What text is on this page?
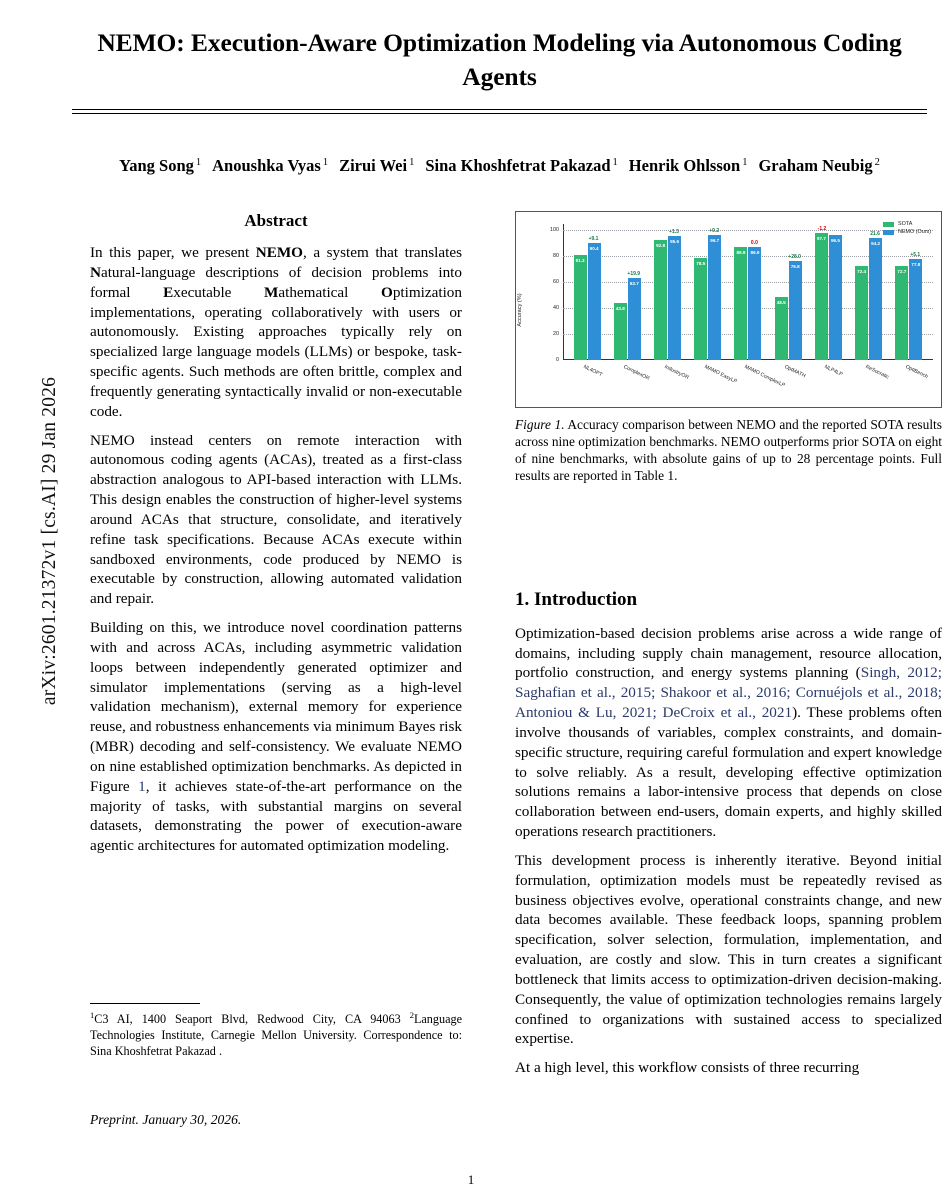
arXiv:2601.21372v1 [cs.AI] 29 Jan 2026
NEMO: Execution-Aware Optimization Modeling via Autonomous Coding Agents
Yang Song $^1$ Anoushka Vyas $^1$ Zirui Wei $^1$ Sina Khoshfetrat Pakazad $^1$ Henrik Ohlsson $^1$ Graham Neubig $^2$
Abstract

In this paper, we present NEMO, a system that translates Natural-language descriptions of decision problems into formal Executable Mathematical Optimization implementations, operating collaboratively with users or autonomously. Existing approaches typically rely on specialized large language models (LLMs) or bespoke, task-specific agents. Such methods are often brittle, complex and frequently generating syntactically invalid or non-executable code.

NEMO instead centers on remote interaction with autonomous coding agents (ACAs), treated as a first-class abstraction analogous to API-based interaction with LLMs. This design enables the construction of higher-level systems around ACAs that structure, consolidate, and iteratively refine task specifications. Because ACAs execute within sandboxed environments, code produced by NEMO is executable by construction, allowing automated validation and repair.

Building on this, we introduce novel coordination patterns with and across ACAs, including asymmetric validation loops between independently generated optimizer and simulator implementations (serving as a high-level validation mechanism), external memory for experience reuse, and robustness enhancements via minimum Bayes risk (MBR) decoding and self-consistency. We evaluate NEMO on nine established optimization benchmarks. As depicted in Figure 1, it achieves state-of-the-art performance on the majority of tasks, with substantial margins on several datasets, demonstrating the power of execution-aware agentic architectures for automated optimization modeling.

Accuracy (%)
0
20
40
60
80
100
81.3
90.4
+9.1
NL4OPT
43.8
63.7
+19.9
ComplexOR
92.8
95.6
+1.3
IndustryOR
78.5
96.7
+9.2
MAMO EasyLP
86.9 86.9
0.0
MAMO ComplexLP
48.5
76.8
+28.0
OptMATH
97.7 96.5
-1.2
NLP4LP
72.4
94.2
21.6
ReSocratic
72.7
77.8
+5.1
OptiBench
SOTA
NEMO (Ours)
Figure 1. Accuracy comparison between NEMO and the reported SOTA results across nine optimization benchmarks. NEMO outperforms prior SOTA on eight of nine benchmarks, with absolute gains of up to 28 percentage points. Full results are reported in Table 1.
1. Introduction

Optimization-based decision problems arise across a wide range of domains, including supply chain management, resource allocation, portfolio construction, and energy systems planning (Singh, 2012; Saghafian et al., 2015; Shakoor et al., 2016; Cornuéjols et al., 2018; Antoniou & Lu, 2021; DeCroix et al., 2021). These problems often involve thousands of variables, complex constraints, and domain-specific structure, requiring careful formulation and expert knowledge to solve reliably. As a result, developing effective optimization solutions remains a labor-intensive process that depends on close collaboration between end-users, domain experts, and highly skilled operations research practitioners.

This development process is inherently iterative. Beyond initial formulation, optimization models must be repeatedly revised as business objectives evolve, operational constraints change, and new data becomes available. These feedback loops, spanning problem specification, solver selection, formulation, implementation, and evaluation, are costly and slow. This in turn creates a significant bottleneck that limits access to optimization-driven decision-making. Consequently, the value of optimization technologies remains largely confined to organizations with sustained access to specialized expertise.

At a high level, this workflow consists of three recurring

$^1$C3 AI, 1400 Seaport Blvd, Redwood City, CA 94063 $^2$Language Technologies Institute, Carnegie Mellon University. Correspondence to: Sina Khoshfetrat Pakazad .
Preprint. January 30, 2026.
1
